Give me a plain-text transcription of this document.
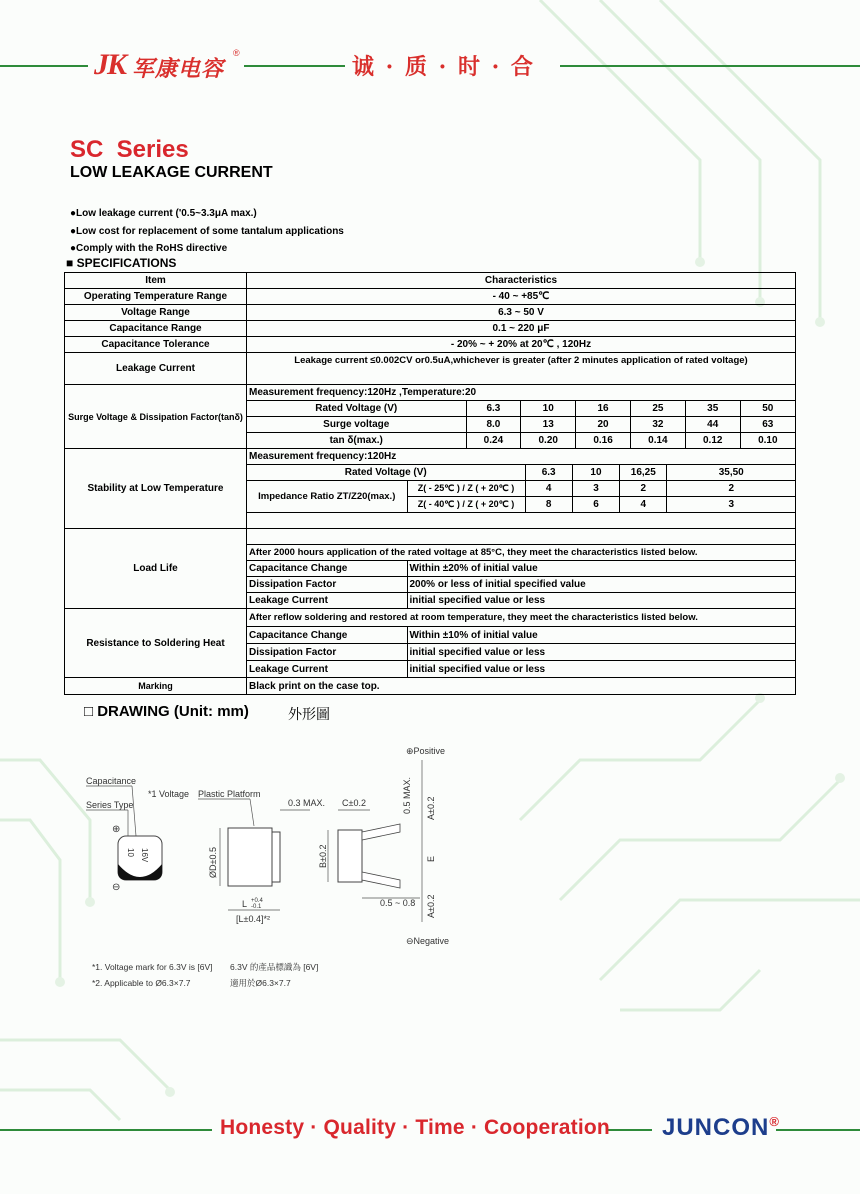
JK 军康电容
®
诚 · 质 · 时 · 合
SC  Series
LOW LEAKAGE CURRENT
●Low leakage current ('0.5~3.3μA max.)
●Low cost for replacement of some tantalum applications
●Comply with the RoHS directive
■ SPECIFICATIONS
Item	Characteristics
Operating Temperature Range	- 40 ~ +85℃
Voltage Range	6.3 ~ 50 V
Capacitance Range	0.1 ~ 220 μF
Capacitance Tolerance	- 20% ~ + 20% at 20℃ , 120Hz
Leakage Current	Leakage current ≤0.002CV or0.5uA,whichever is greater (after 2 minutes application of rated voltage)
Surge Voltage & Dissipation Factor(tanδ)	
Measurement frequency:120Hz ,Temperature:20
Rated Voltage (V)	6.3	10	16	25	35	50
Surge voltage	8.0	13	20	32	44	63
tan δ(max.)	0.24	0.20	0.16	0.14	0.12	0.10

Stability at Low Temperature	
Measurement frequency:120Hz
Rated Voltage (V)	6.3	10	16,25	35,50
Impedance Ratio ZT/Z20(max.)	Z( - 25℃ ) / Z ( + 20℃ )	4	3	2	2
Z( - 40℃ ) / Z ( + 20℃ )	8	6	4	3

Load Life	

After 2000 hours application of the rated voltage at 85°C, they meet the characteristics listed below.
Capacitance Change	Within ±20% of initial value
Dissipation Factor	200% or less of initial specified value
Leakage Current	initial specified value or less

Resistance to Soldering Heat	
After reflow soldering and restored at room temperature, they meet the characteristics listed below.
Capacitance Change	Within ±10% of initial value
Dissipation Factor	initial specified value or less
Leakage Current	initial specified value or less

Marking	Black print on the case top.
□ DRAWING (Unit: mm)	外形圖
Capacitance
*1 Voltage Plastic Platform
Series Type
⊕
⊖
10 16V	ØD±0.5
L +0.4
-0.1
[L±0.4]*²
0.3 MAX.
B±0.2
C±0.2	0.5 MAX. A±0.2
E
A±0.2
⊕Positive
⊖Negative
0.5 ~ 0.8
*1. Voltage mark for 6.3V is [6V] 6.3V 的產品標識為 [6V]
*2. Applicable to Ø6.3×7.7	適用於Ø6.3×7.7
Honesty · Quality · Time · Cooperation JUNCON®
